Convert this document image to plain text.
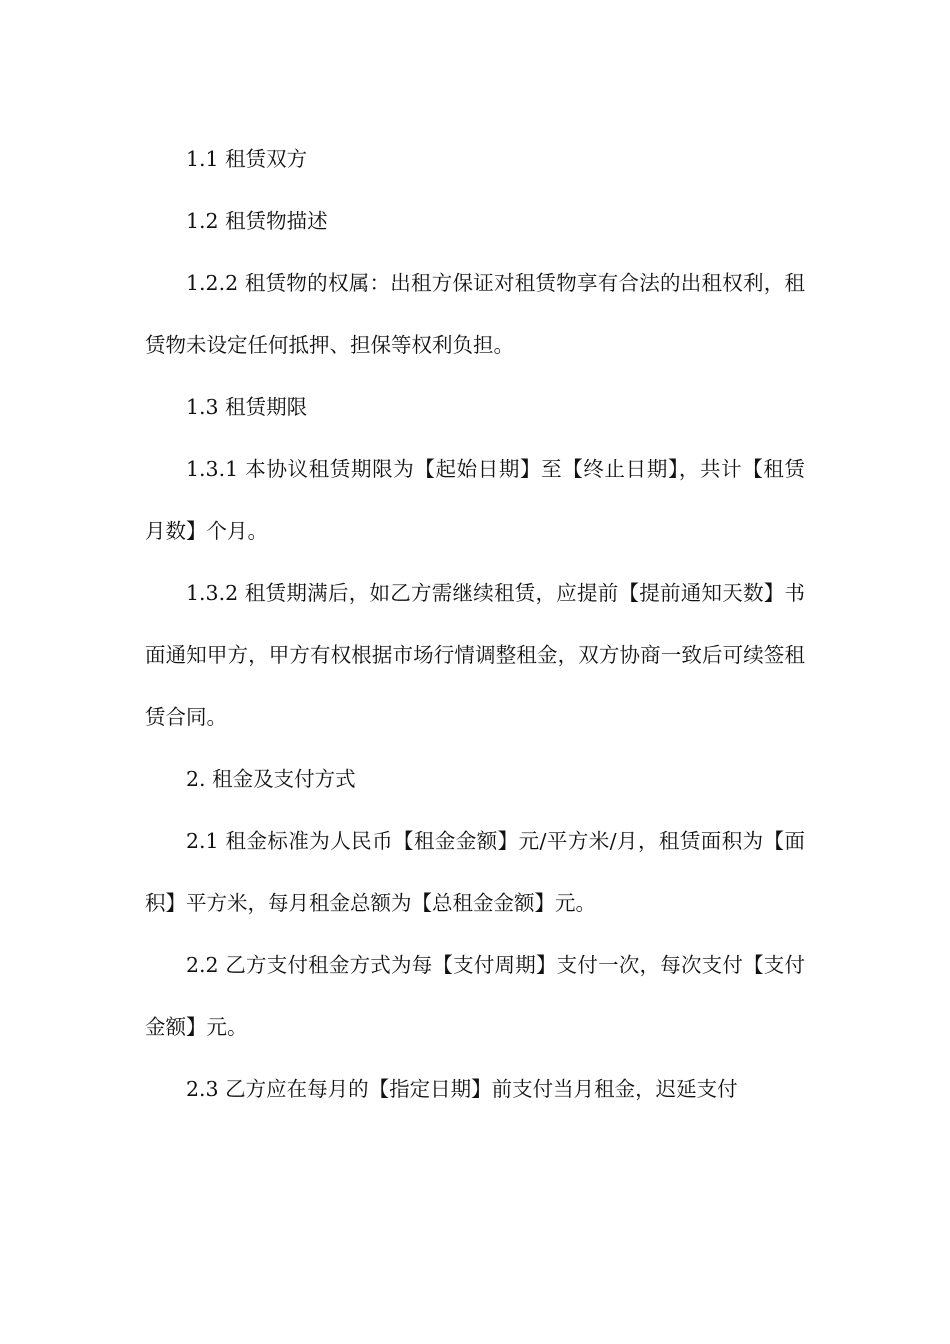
1.1 租赁双方

1.2 租赁物描述

1.2.2 租赁物的权属：出租方保证对租赁物享有合法的出租权利，租赁物未设定任何抵押、担保等权利负担。

1.3 租赁期限

1.3.1 本协议租赁期限为【起始日期】至【终止日期】，共计【租赁月数】个月。

1.3.2 租赁期满后，如乙方需继续租赁，应提前【提前通知天数】书面通知甲方，甲方有权根据市场行情调整租金，双方协商一致后可续签租赁合同。

2. 租金及支付方式

2.1 租金标准为人民币【租金金额】元/平方米/月，租赁面积为【面积】平方米，每月租金总额为【总租金金额】元。

2.2 乙方支付租金方式为每【支付周期】支付一次，每次支付【支付金额】元。

2.3 乙方应在每月的【指定日期】前支付当月租金，迟延支付
